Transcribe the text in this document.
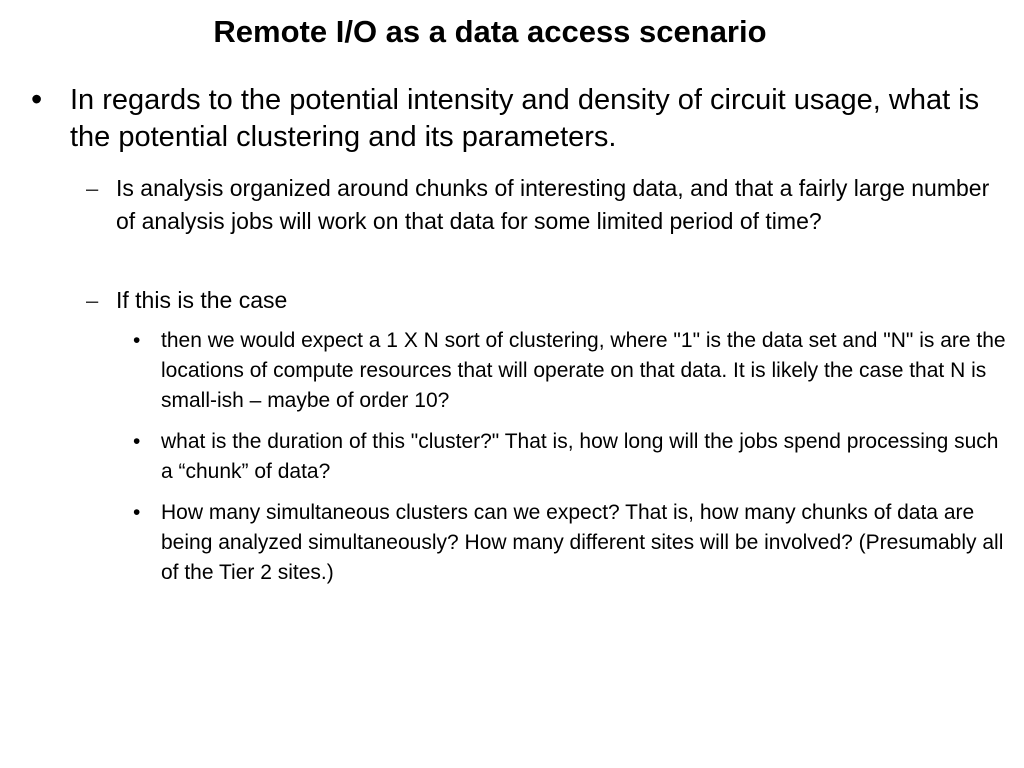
Remote I/O as a data access scenario
• In regards to the potential intensity and density of circuit usage, what is the potential clustering and its parameters.

– Is analysis organized around chunks of interesting data, and that a fairly large number of analysis jobs will work on that data for some limited period of time?

– If this is the case

• then we would expect a 1 X N sort of clustering, where "1" is the data set and "N" is are the locations of compute resources that will operate on that data. It is likely the case that N is small-ish – maybe of order 10?

• what is the duration of this "cluster?" That is, how long will the jobs spend processing such a “chunk” of data?

• How many simultaneous clusters can we expect? That is, how many chunks of data are being analyzed simultaneously? How many different sites will be involved? (Presumably all of the Tier 2 sites.)
